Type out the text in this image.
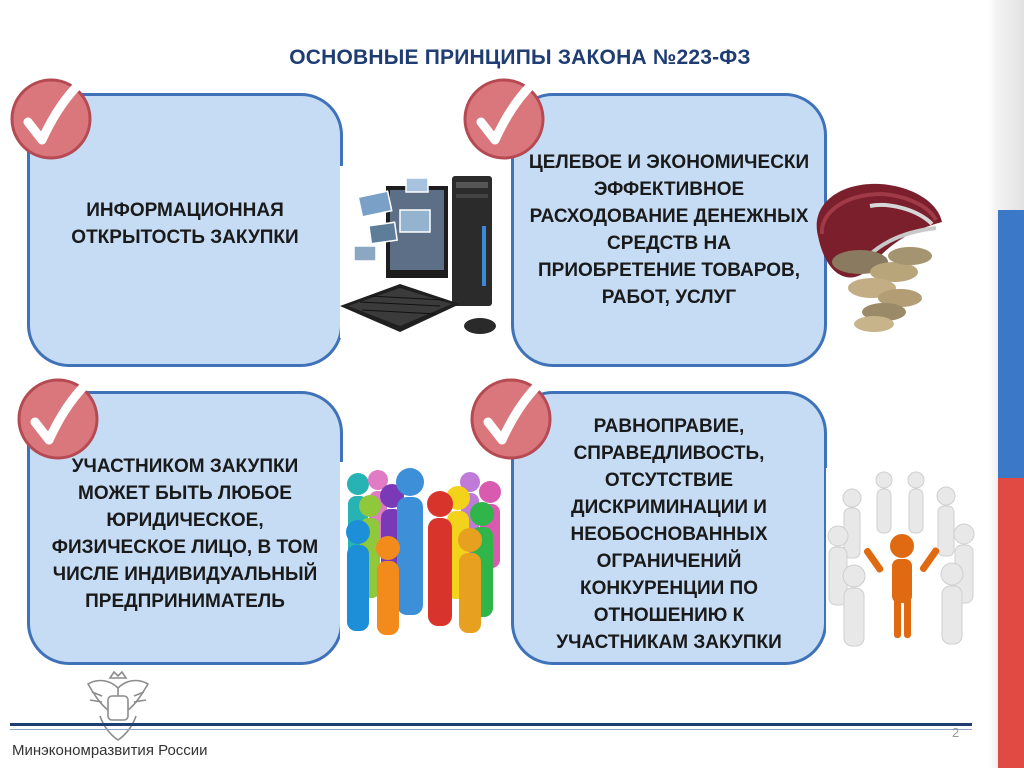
ОСНОВНЫЕ ПРИНЦИПЫ ЗАКОНА №223-ФЗ
ИНФОРМАЦИОННАЯ ОТКРЫТОСТЬ ЗАКУПКИ
ЦЕЛЕВОЕ И ЭКОНОМИЧЕСКИ ЭФФЕКТИВНОЕ РАСХОДОВАНИЕ ДЕНЕЖНЫХ СРЕДСТВ НА ПРИОБРЕТЕНИЕ ТОВАРОВ, РАБОТ, УСЛУГ
УЧАСТНИКОМ ЗАКУПКИ МОЖЕТ БЫТЬ ЛЮБОЕ ЮРИДИЧЕСКОЕ, ФИЗИЧЕСКОЕ ЛИЦО, В ТОМ ЧИСЛЕ ИНДИВИДУАЛЬНЫЙ ПРЕДПРИНИМАТЕЛЬ
РАВНОПРАВИЕ, СПРАВЕДЛИВОСТЬ, ОТСУТСТВИЕ ДИСКРИМИНАЦИИ И НЕОБОСНОВАННЫХ ОГРАНИЧЕНИЙ КОНКУРЕНЦИИ ПО ОТНОШЕНИЮ К УЧАСТНИКАМ ЗАКУПКИ
Минэкономразвития России
2
